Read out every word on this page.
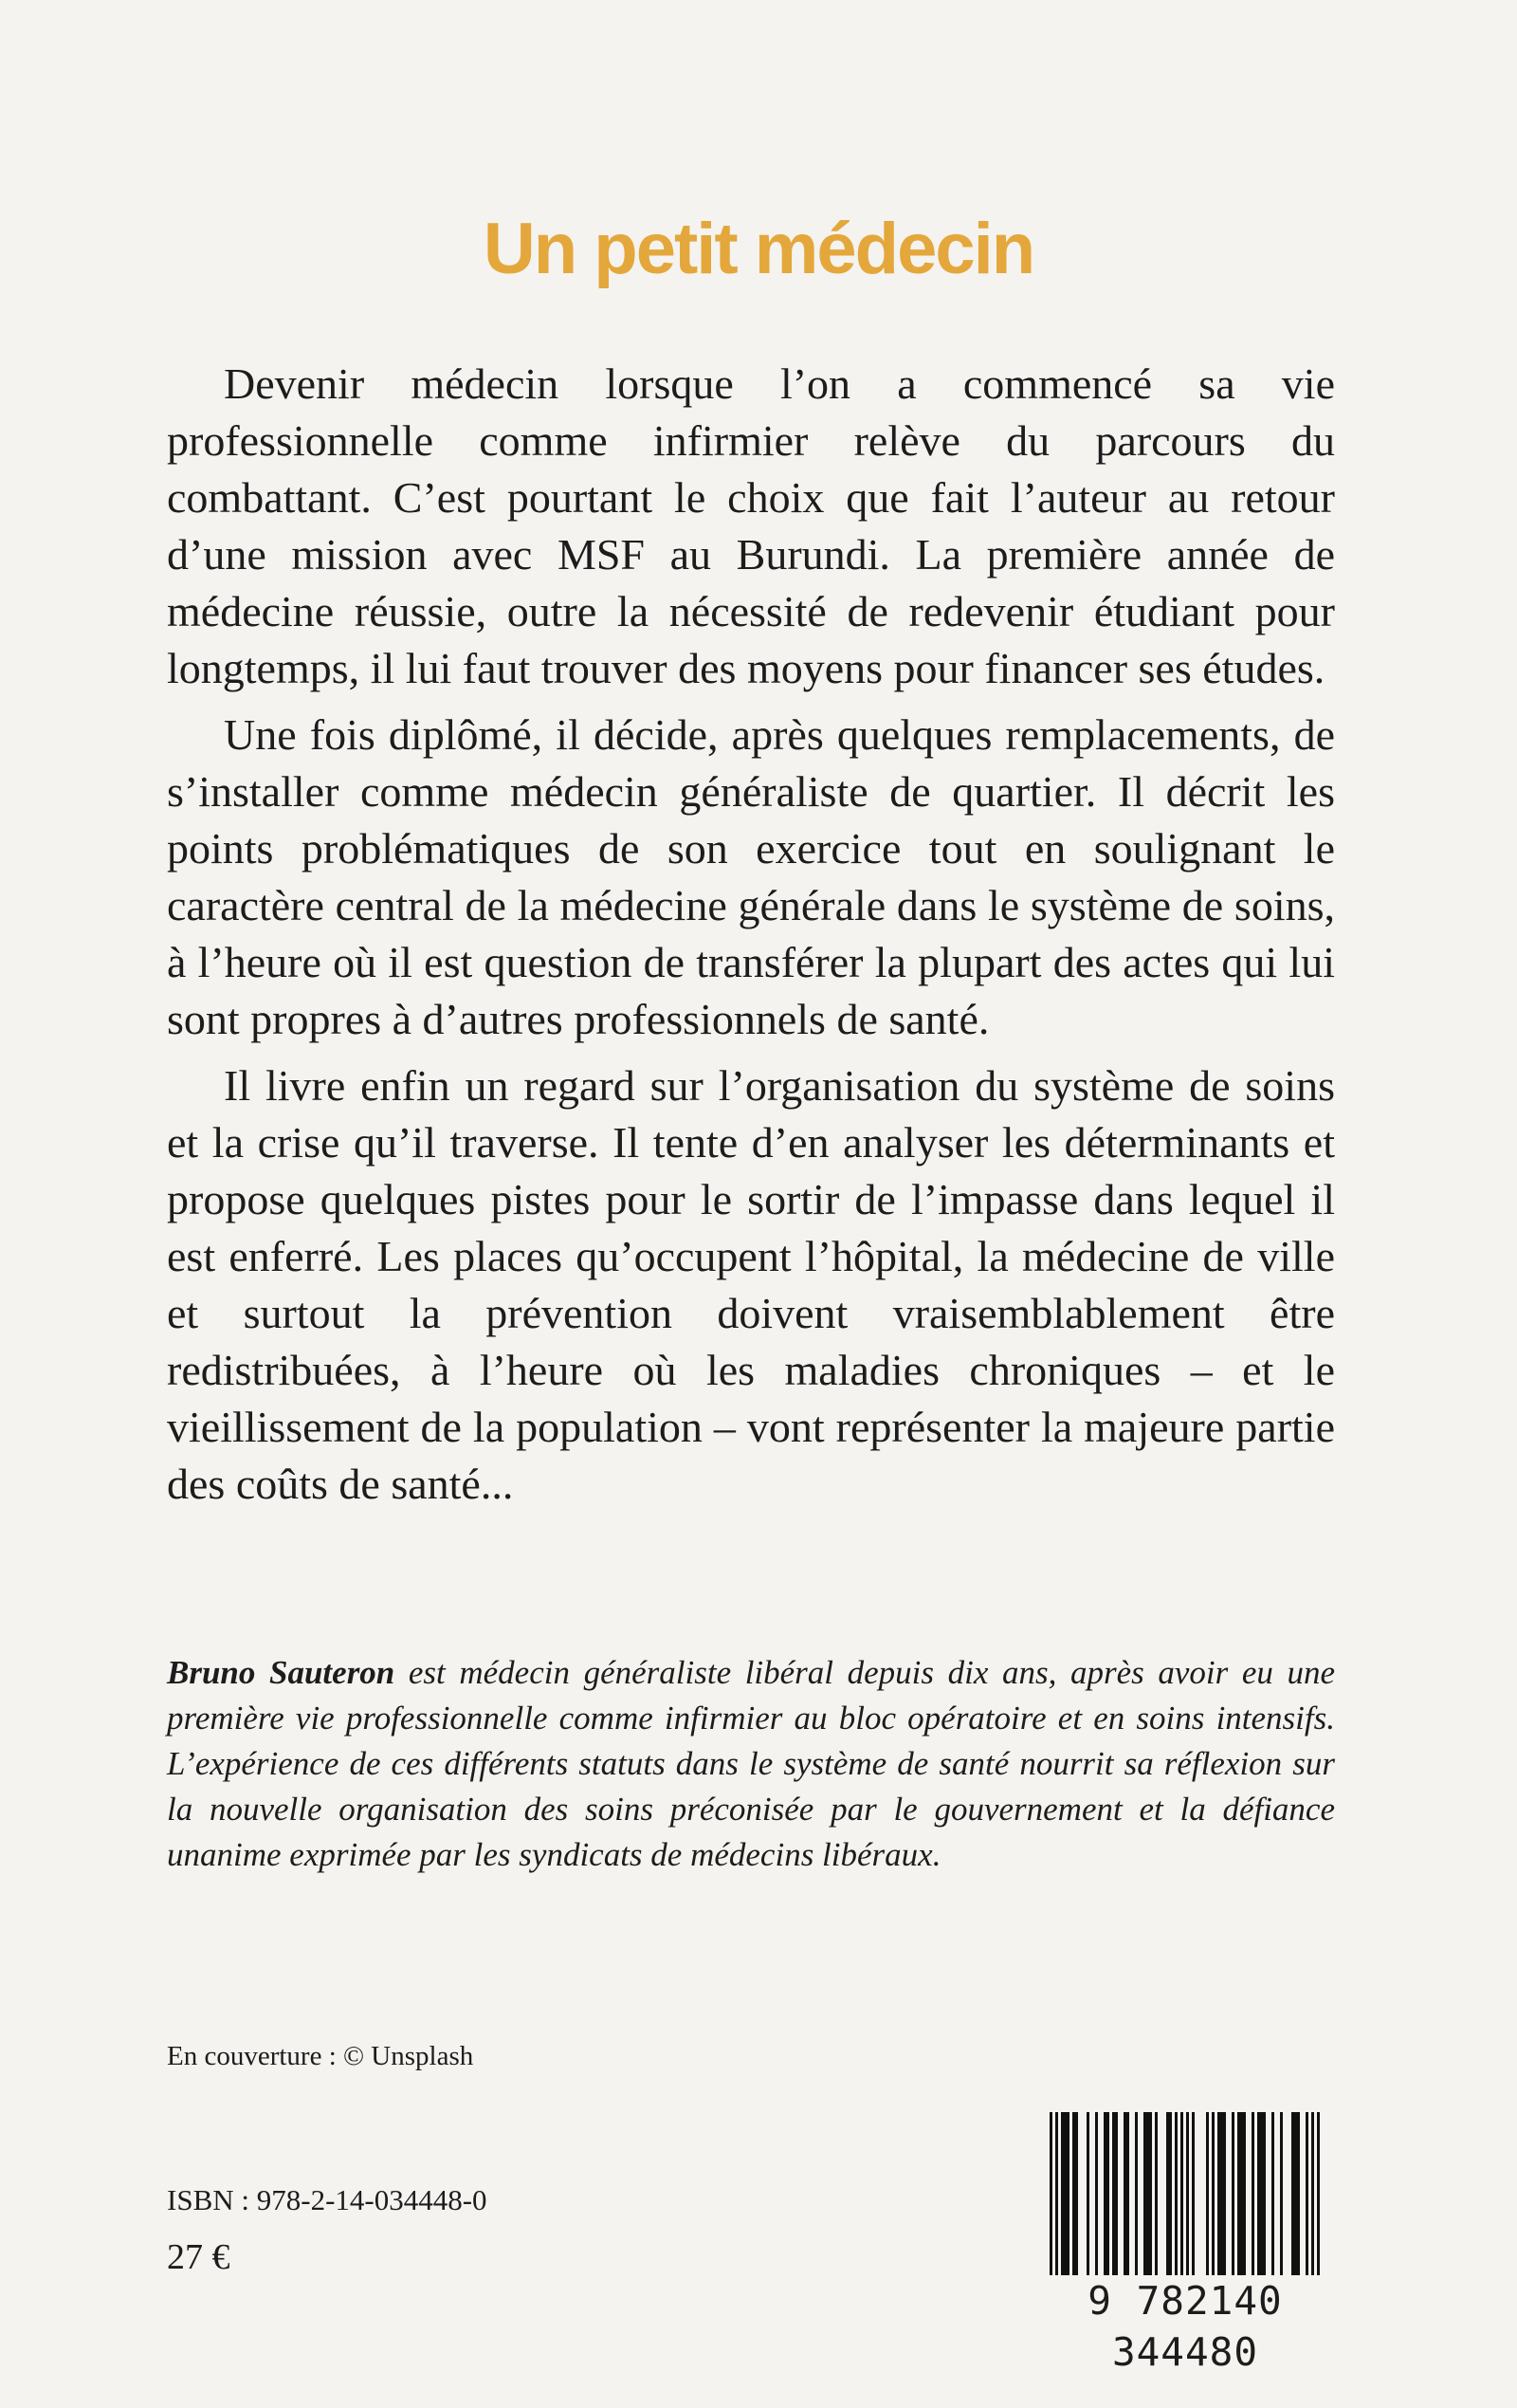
Un petit médecin

Devenir médecin lorsque l’on a commencé sa vie professionnelle comme infirmier relève du parcours du combattant. C’est pourtant le choix que fait l’auteur au retour d’une mission avec MSF au Burundi. La première année de médecine réussie, outre la nécessité de redevenir étudiant pour longtemps, il lui faut trouver des moyens pour financer ses études.

Une fois diplômé, il décide, après quelques remplacements, de s’installer comme médecin généraliste de quartier. Il décrit les points problématiques de son exercice tout en soulignant le caractère central de la médecine générale dans le système de soins, à l’heure où il est question de transférer la plupart des actes qui lui sont propres à d’autres professionnels de santé.

Il livre enfin un regard sur l’organisation du système de soins et la crise qu’il traverse. Il tente d’en analyser les déterminants et propose quelques pistes pour le sortir de l’impasse dans lequel il est enferré. Les places qu’occupent l’hôpital, la médecine de ville et surtout la prévention doivent vraisemblablement être redistribuées, à l’heure où les maladies chroniques – et le vieillissement de la population – vont représenter la majeure partie des coûts de santé...

Bruno Sauteron est médecin généraliste libéral depuis dix ans, après avoir eu une première vie professionnelle comme infirmier au bloc opératoire et en soins intensifs. L’expérience de ces différents statuts dans le système de santé nourrit sa réflexion sur la nouvelle organisation des soins préconisée par le gouvernement et la défiance unanime exprimée par les syndicats de médecins libéraux.
En couverture : © Unsplash
ISBN : 978-2-14-034448-0
27 €
9 782140 344480
